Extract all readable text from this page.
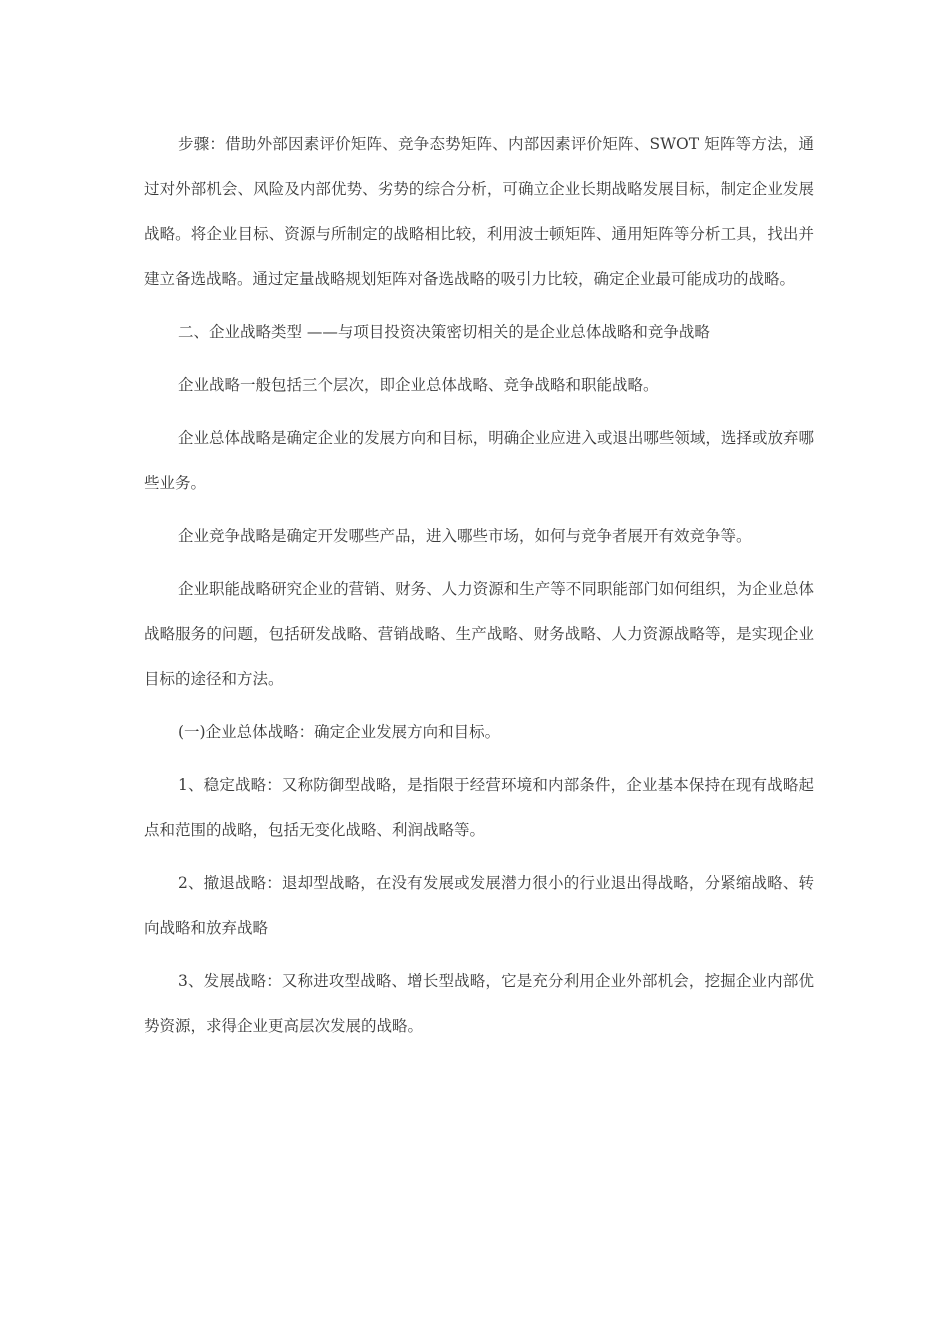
步骤：借助外部因素评价矩阵、竞争态势矩阵、内部因素评价矩阵、SWOT 矩阵等方法，通过对外部机会、风险及内部优势、劣势的综合分析，可确立企业长期战略发展目标，制定企业发展战略。将企业目标、资源与所制定的战略相比较，利用波士顿矩阵、通用矩阵等分析工具，找出并建立备选战略。通过定量战略规划矩阵对备选战略的吸引力比较，确定企业最可能成功的战略。

二、企业战略类型 ——与项目投资决策密切相关的是企业总体战略和竞争战略

企业战略一般包括三个层次，即企业总体战略、竞争战略和职能战略。

企业总体战略是确定企业的发展方向和目标，明确企业应进入或退出哪些领域，选择或放弃哪些业务。

企业竞争战略是确定开发哪些产品，进入哪些市场，如何与竞争者展开有效竞争等。

企业职能战略研究企业的营销、财务、人力资源和生产等不同职能部门如何组织，为企业总体战略服务的问题，包括研发战略、营销战略、生产战略、财务战略、人力资源战略等，是实现企业目标的途径和方法。

(一)企业总体战略：确定企业发展方向和目标。

1、稳定战略：又称防御型战略，是指限于经营环境和内部条件，企业基本保持在现有战略起点和范围的战略，包括无变化战略、利润战略等。

2、撤退战略：退却型战略，在没有发展或发展潜力很小的行业退出得战略，分紧缩战略、转向战略和放弃战略

3、发展战略：又称进攻型战略、增长型战略，它是充分利用企业外部机会，挖掘企业内部优势资源，求得企业更高层次发展的战略。
